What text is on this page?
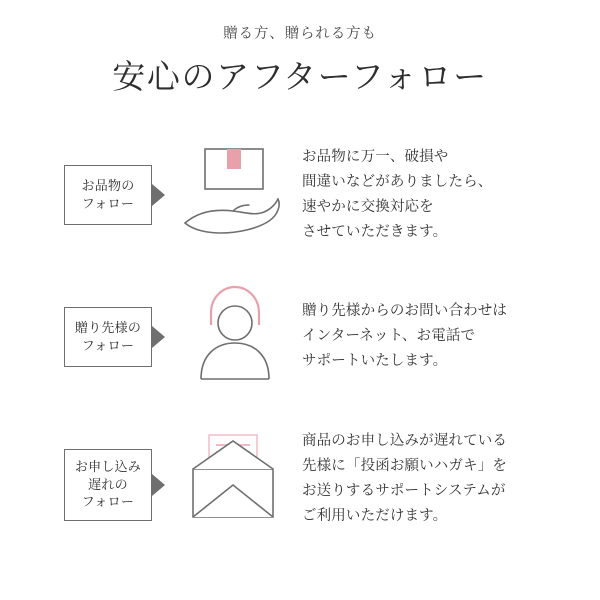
贈る方、贈られる方も
安心のアフターフォロー
お品物の
フォロー
お品物に万一、破損や
間違いなどがありましたら、
速やかに交換対応を
させていただきます。
贈り先様の
フォロー
贈り先様からのお問い合わせは
インターネット、お電話で
サポートいたします。
お申し込み
遅れの
フォロー
商品のお申し込みが遅れている
先様に「投函お願いハガキ」を
お送りするサポートシステムが
ご利用いただけます。
